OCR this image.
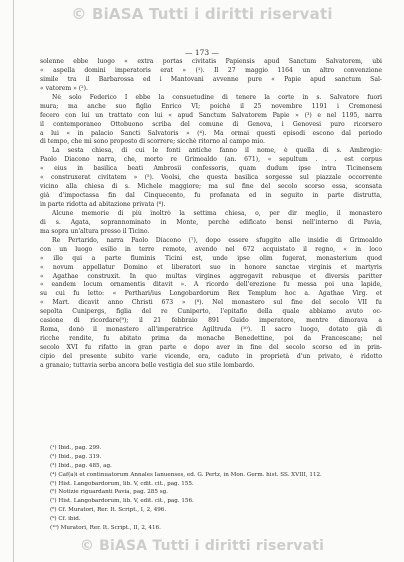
© BiASA Tutti i diritti riservati
— 173 —
solenne ebbe luogo « extra portas civitatis Papiensis apud Sanctum Salvatorem, ubi
« aspella domini imperatoris erat » (¹). Il 27 maggio 1164 un altro convenzione
simile tra il Barbarossa ed i Mantovani avvenne pure « Papie apud sanctum Sal-
« vatorem » (²).
Nè solo Federico I ebbe la consuetudine di tenere la corte in s. Salvatore fuori
mura; ma anche suo figlio Enrico VI; poichè il 25 novembre 1191 i Cremonesi
fecero con lui un trattato con lui « apud Sanctum Salvatorem Papie » (³) e nel 1195, narra
il contemporaneo Ottobuono scriba del comune di Genova, i Genovesi puro ricorsero
a lui « in palacio Sancti Salvatoris » (⁴). Ma ormai questi episodi escono dal periodo
di tempo, che mi sono proposto di scorrere; sicchè ritorno al campo mio.
La sesta chiesa, di cui le fonti antiche fanno il nome, è quella di s. Ambrogio:
Paolo Diacono narra, che, morto re Grimoaldo (an. 671), « sepultum . . . est corpus
« eius in basilica beati Ambrosii confessoris, quam dudum ipse intra Ticinensem
« construxerat civitatem » (⁵). Voolsi, che questa basilica sorgesse sul piazzale occorrente
vicino alla chiesa di s. Michele maggiore; ma sul fine del secolo scorso essa, sconsata
già d'impoctassa fin dal Cinquecento, fu profanata ed in seguito in parte distrutta,
in parte ridotta ad abitazione privata (⁶).
Alcune memorie di più inoltrò la settima chiesa, o, per dir meglio, il monastero
di s. Agata, soprannominato in Monte, perchè edificato bensì nell'interno di Pavia,
ma sopra un'altura presso il Ticino.
Re Pertarido, narra Paolo Diacono (⁷), dopo essere sfuggito alle insidie di Grimoaldo
con un luogo esilio in terre remote, avendo nel 672 acquistato il regno, « in loco
« illo qui a parte fluminis Ticini est, unde ipse olim fugerat, monasterium quod
« novum appellatur Domino et liberatori suo in honore sanctae virginis et martyris
« Agathae construxit. In quo multas virgines aggregavit rebusque et diversis paritter
« eandem locum ornamentis ditavit ». A ricordo dell'erezione fu messa poi una lapide,
su cui fu letto: « Perthari/ius Longobardorum Rex Templum hoc a. Agathae Virg. et
« Mart. dicavit anno Christi 673 » (⁸). Nel monastero sul fine del secolo VII fu
sepolta Cunipergs, figlia del re Cuniperto, l'epitafio della quale abbiamo avuto oc-
casione di ricordare(⁹); il 21 febbraio 891 Guido imperatore, mentre dimorava a
Roma, donò il monastero all'imperatrice Agiltruda (¹⁰). Il sacro luogo, dotato già di
ricche rendite, fu abitato prima da monache Benedettine, poi da Francescane; nel
secolo XVI fu rifatto in gran parte e dopo aver in fine del secolo scorso ed in prin-
cipio del presente subito varie vicende, era, caduto in proprietà d'un privato, è ridotto
a granaio; tuttavia serba ancora belle vestigia del suo stile lombardo.
(¹) Ibid., pag. 299.
(²) Ibid., pag. 319.
(³) Ibid., pag. 485, ag.
(⁴) Caf(a)i et continuatorum Annales Ianuenses, ed. G. Pertz, in Mon. Germ. hist. SS. XVIII, 112.
(⁵) Hist. Langobardorum, lib. V, cdit. cit., pag. 155.
(⁶) Notizie riguardanti Pavia, pag. 285 sg.
(⁷) Hist. Langobardorum, lib. V, edit. cit., pag. 156.
(⁸) Cf. Muratori, Rer. It. Script., I, 2, 496.
(⁹) Cf. ibid.
(¹⁰) Muratori, Rer. It. Script., II, 2, 416.
© BiASA Tutti i diritti riservati
